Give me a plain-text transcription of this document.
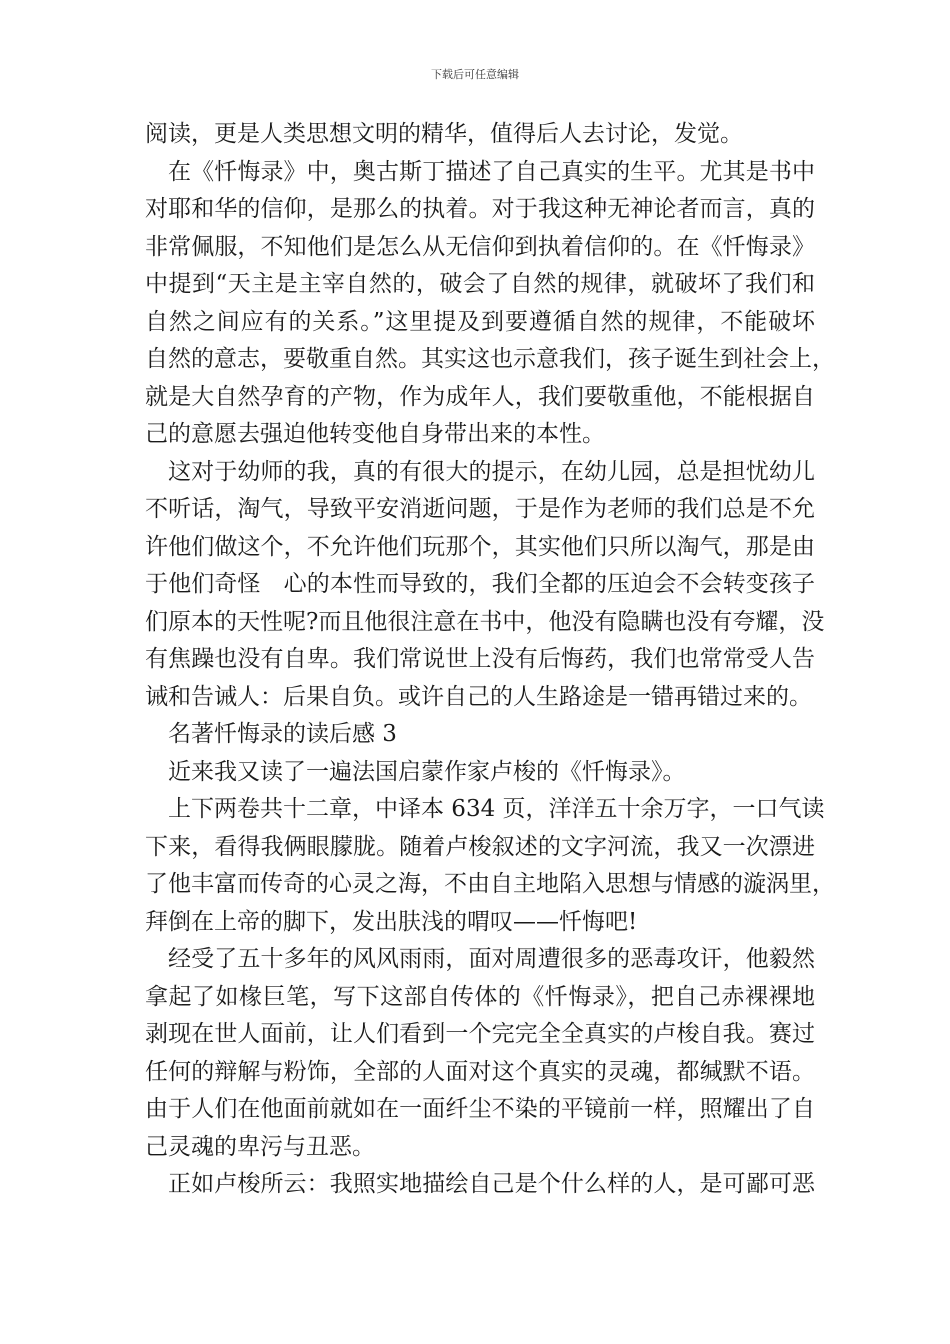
下载后可任意编辑
阅读，更是人类思想文明的精华，值得后人去讨论，发觉。
在《忏悔录》中，奥古斯丁描述了自己真实的生平。尤其是书中
对耶和华的信仰，是那么的执着。对于我这种无神论者而言，真的
非常佩服，不知他们是怎么从无信仰到执着信仰的。在《忏悔录》
中提到“天主是主宰自然的，破会了自然的规律，就破坏了我们和
自然之间应有的关系。”这里提及到要遵循自然的规律，不能破坏
自然的意志，要敬重自然。其实这也示意我们，孩子诞生到社会上，
就是大自然孕育的产物，作为成年人，我们要敬重他，不能根据自
己的意愿去强迫他转变他自身带出来的本性。
这对于幼师的我，真的有很大的提示，在幼儿园，总是担忧幼儿
不听话，淘气，导致平安消逝问题，于是作为老师的我们总是不允
许他们做这个，不允许他们玩那个，其实他们只所以淘气，那是由
于他们奇怪　心的本性而导致的，我们全都的压迫会不会转变孩子
们原本的天性呢?而且他很注意在书中，他没有隐瞒也没有夸耀，没
有焦躁也没有自卑。我们常说世上没有后悔药，我们也常常受人告
诫和告诫人：后果自负。或许自己的人生路途是一错再错过来的。
名著忏悔录的读后感 3
近来我又读了一遍法国启蒙作家卢梭的《忏悔录》。
上下两卷共十二章，中译本 634 页，洋洋五十余万字，一口气读
下来，看得我俩眼朦胧。随着卢梭叙述的文字河流，我又一次漂进
了他丰富而传奇的心灵之海，不由自主地陷入思想与情感的漩涡里，
拜倒在上帝的脚下，发出肤浅的喟叹——忏悔吧!
经受了五十多年的风风雨雨，面对周遭很多的恶毒攻讦，他毅然
拿起了如椽巨笔，写下这部自传体的《忏悔录》，把自己赤裸裸地
剥现在世人面前，让人们看到一个完完全全真实的卢梭自我。赛过
任何的辩解与粉饰，全部的人面对这个真实的灵魂，都缄默不语。
由于人们在他面前就如在一面纤尘不染的平镜前一样，照耀出了自
己灵魂的卑污与丑恶。
正如卢梭所云：我照实地描绘自己是个什么样的人，是可鄙可恶
